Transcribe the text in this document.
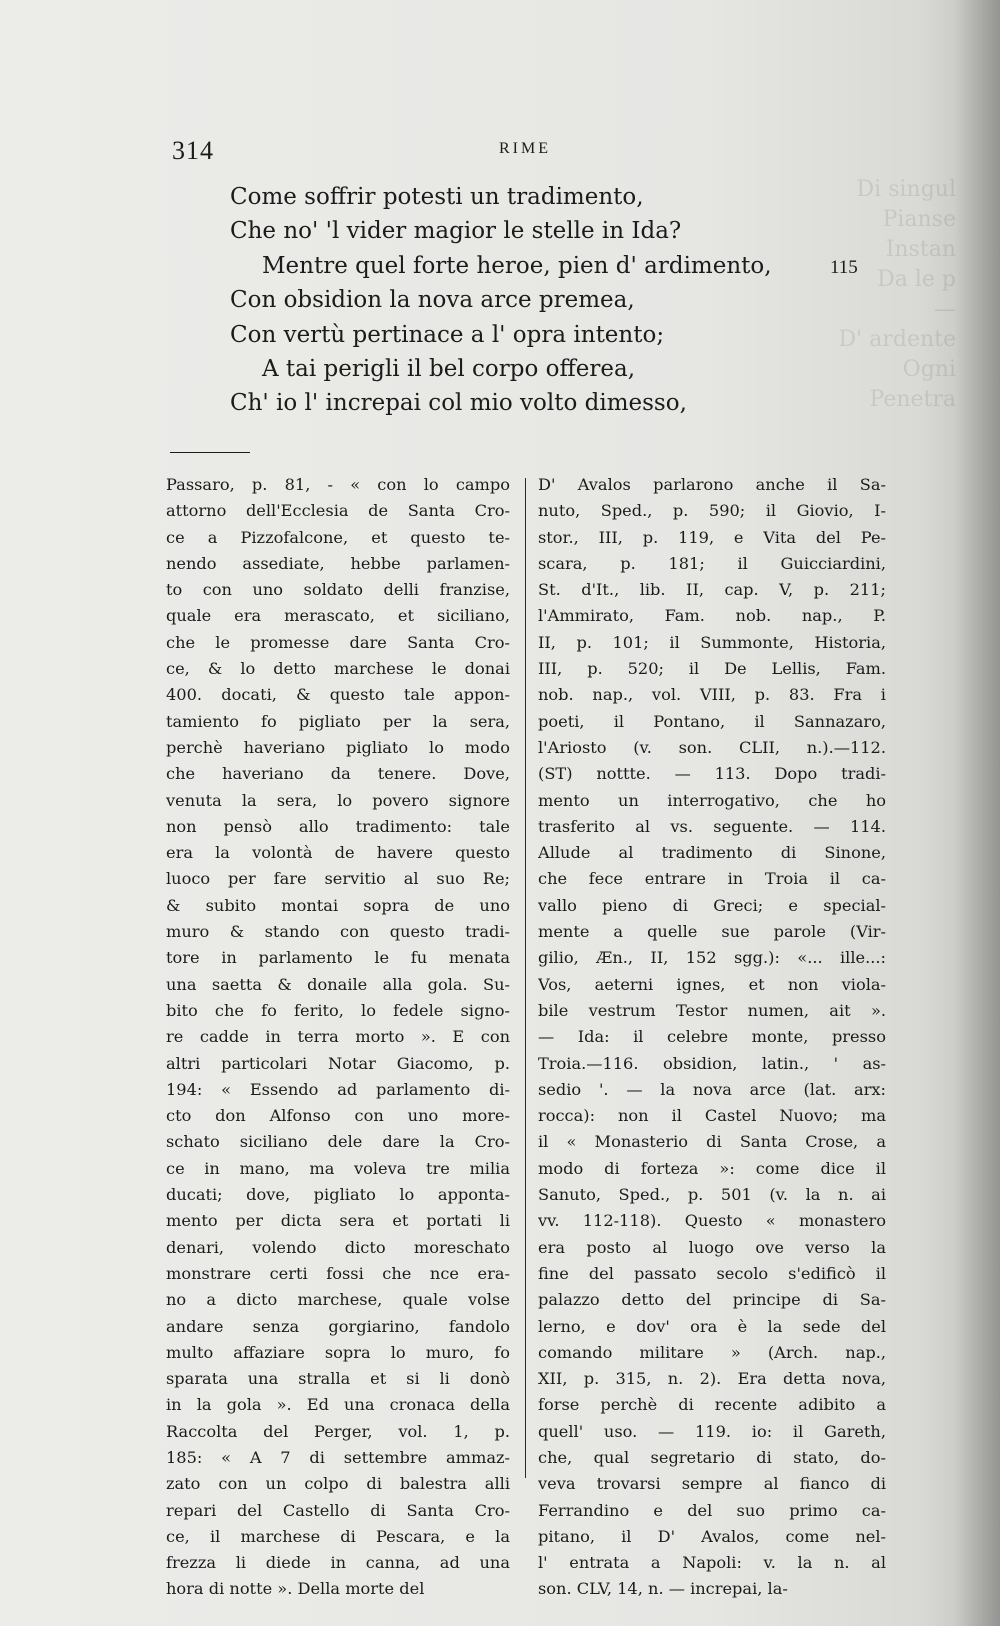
Di singul
Pianse
Instan
Da le p
—
D' ardente
Ogni
Penetra
314	RIME
Come soffrir potesti un tradimento,
Che no' 'l vider magior le stelle in Ida?
Mentre quel forte heroe, pien d' ardimento,	115
Con obsidion la nova arce premea,
Con vertù pertinace a l' opra intento;
A tai perigli il bel corpo offerea,
Ch' io l' increpai col mio volto dimesso,
Passaro, p. 81, - « con lo campo
attorno dell'Ecclesia de Santa Cro-
ce a Pizzofalcone, et questo te-
nendo assediate, hebbe parlamen-
to con uno soldato delli franzise,
quale era merascato, et siciliano,
che le promesse dare Santa Cro-
ce, & lo detto marchese le donai
400. docati, & questo tale appon-
tamiento fo pigliato per la sera,
perchè haveriano pigliato lo modo
che haveriano da tenere. Dove,
venuta la sera, lo povero signore
non pensò allo tradimento: tale
era la volontà de havere questo
luoco per fare servitio al suo Re;
& subito montai sopra de uno
muro & stando con questo tradi-
tore in parlamento le fu menata
una saetta & donaile alla gola. Su-
bito che fo ferito, lo fedele signo-
re cadde in terra morto ». E con
altri particolari Notar Giacomo, p.
194: « Essendo ad parlamento di-
cto don Alfonso con uno more-
schato siciliano dele dare la Cro-
ce in mano, ma voleva tre milia
ducati; dove, pigliato lo apponta-
mento per dicta sera et portati li
denari, volendo dicto moreschato
monstrare certi fossi che nce era-
no a dicto marchese, quale volse
andare senza gorgiarino, fandolo
multo affaziare sopra lo muro, fo
sparata una stralla et si li donò
in la gola ». Ed una cronaca della
Raccolta del Perger, vol. 1, p.
185: « A 7 di settembre ammaz-
zato con un colpo di balestra alli
repari del Castello di Santa Cro-
ce, il marchese di Pescara, e la
frezza li diede in canna, ad una
hora di notte ». Della morte del
D' Avalos parlarono anche il Sa-
nuto, Sped., p. 590; il Giovio, I-
stor., III, p. 119, e Vita del Pe-
scara, p. 181; il Guicciardini,
St. d'It., lib. II, cap. V, p. 211;
l'Ammirato, Fam. nob. nap., P.
II, p. 101; il Summonte, Historia,
III, p. 520; il De Lellis, Fam.
nob. nap., vol. VIII, p. 83. Fra i
poeti, il Pontano, il Sannazaro,
l'Ariosto (v. son. CLII, n.).—112.
(ST) nottte. — 113. Dopo tradi-
mento un interrogativo, che ho
trasferito al vs. seguente. — 114.
Allude al tradimento di Sinone,
che fece entrare in Troia il ca-
vallo pieno di Greci; e special-
mente a quelle sue parole (Vir-
gilio, Æn., II, 152 sgg.): «... ille...:
Vos, aeterni ignes, et non viola-
bile vestrum Testor numen, ait ».
— Ida: il celebre monte, presso
Troia.—116. obsidion, latin., ' as-
sedio '. — la nova arce (lat. arx:
rocca): non il Castel Nuovo; ma
il « Monasterio di Santa Crose, a
modo di forteza »: come dice il
Sanuto, Sped., p. 501 (v. la n. ai
vv. 112-118). Questo « monastero
era posto al luogo ove verso la
fine del passato secolo s'edificò il
palazzo detto del principe di Sa-
lerno, e dov' ora è la sede del
comando militare » (Arch. nap.,
XII, p. 315, n. 2). Era detta nova,
forse perchè di recente adibito a
quell' uso. — 119. io: il Gareth,
che, qual segretario di stato, do-
veva trovarsi sempre al fianco di
Ferrandino e del suo primo ca-
pitano, il D' Avalos, come nel-
l' entrata a Napoli: v. la n. al
son. CLV, 14, n. — increpai, la-
